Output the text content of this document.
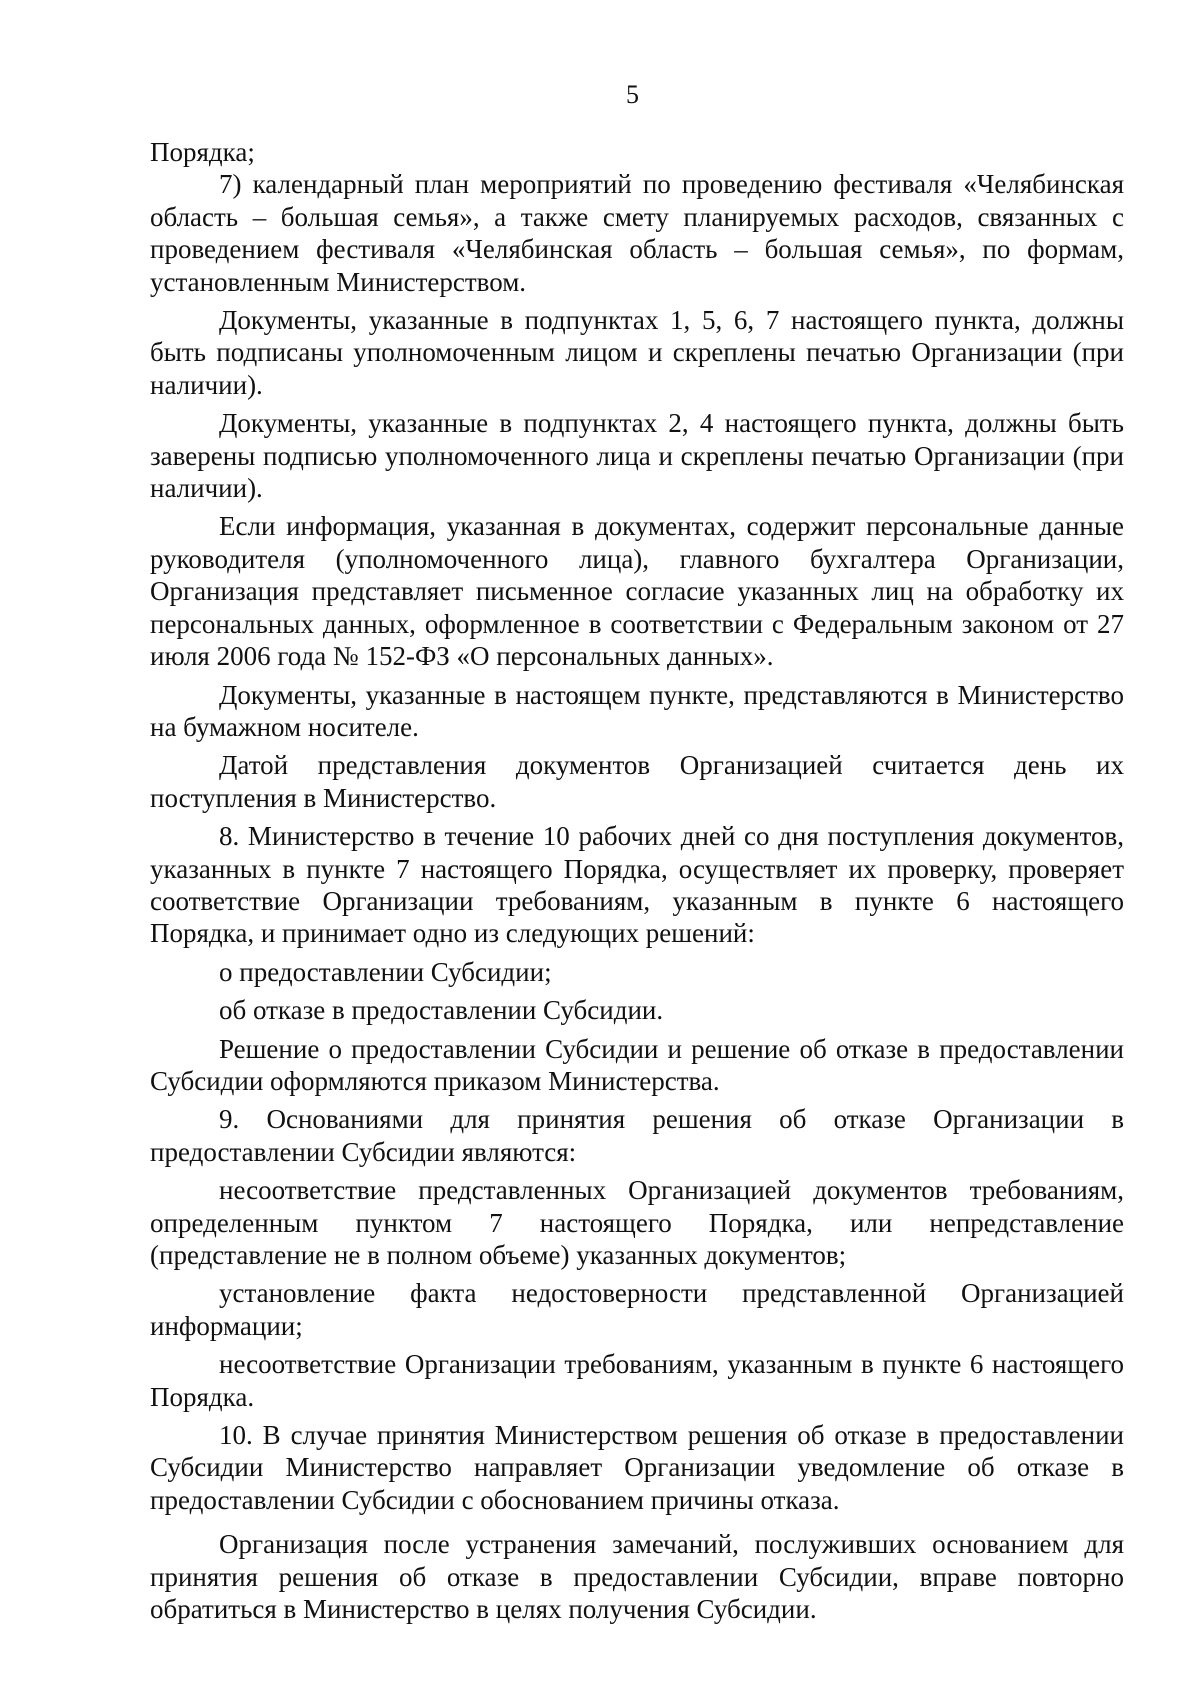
5

Порядка;

7) календарный план мероприятий по проведению фестиваля «Челябинская область – большая семья», а также смету планируемых расходов, связанных с проведением фестиваля «Челябинская область – большая семья», по формам, установленным Министерством.

Документы, указанные в подпунктах 1, 5, 6, 7 настоящего пункта, должны быть подписаны уполномоченным лицом и скреплены печатью Организации (при наличии).

Документы, указанные в подпунктах 2, 4 настоящего пункта, должны быть заверены подписью уполномоченного лица и скреплены печатью Организации (при наличии).

Если информация, указанная в документах, содержит персональные данные руководителя (уполномоченного лица), главного бухгалтера Организации, Организация представляет письменное согласие указанных лиц на обработку их персональных данных, оформленное в соответствии с Федеральным законом от 27 июля 2006 года № 152-ФЗ «О персональных данных».

Документы, указанные в настоящем пункте, представляются в Министерство на бумажном носителе.

Датой представления документов Организацией считается день их поступления в Министерство.

8. Министерство в течение 10 рабочих дней со дня поступления документов, указанных в пункте 7 настоящего Порядка, осуществляет их проверку, проверяет соответствие Организации требованиям, указанным в пункте 6 настоящего Порядка, и принимает одно из следующих решений:

о предоставлении Субсидии;

об отказе в предоставлении Субсидии.

Решение о предоставлении Субсидии и решение об отказе в предоставлении Субсидии оформляются приказом Министерства.

9. Основаниями для принятия решения об отказе Организации в предоставлении Субсидии являются:

несоответствие представленных Организацией документов требованиям, определенным пунктом 7 настоящего Порядка, или непредставление (представление не в полном объеме) указанных документов;

установление факта недостоверности представленной Организацией информации;

несоответствие Организации требованиям, указанным в пункте 6 настоящего Порядка.

10. В случае принятия Министерством решения об отказе в предоставлении Субсидии Министерство направляет Организации уведомление об отказе в предоставлении Субсидии с обоснованием причины отказа.

Организация после устранения замечаний, послуживших основанием для принятия решения об отказе в предоставлении Субсидии, вправе повторно обратиться в Министерство в целях получения Субсидии.
